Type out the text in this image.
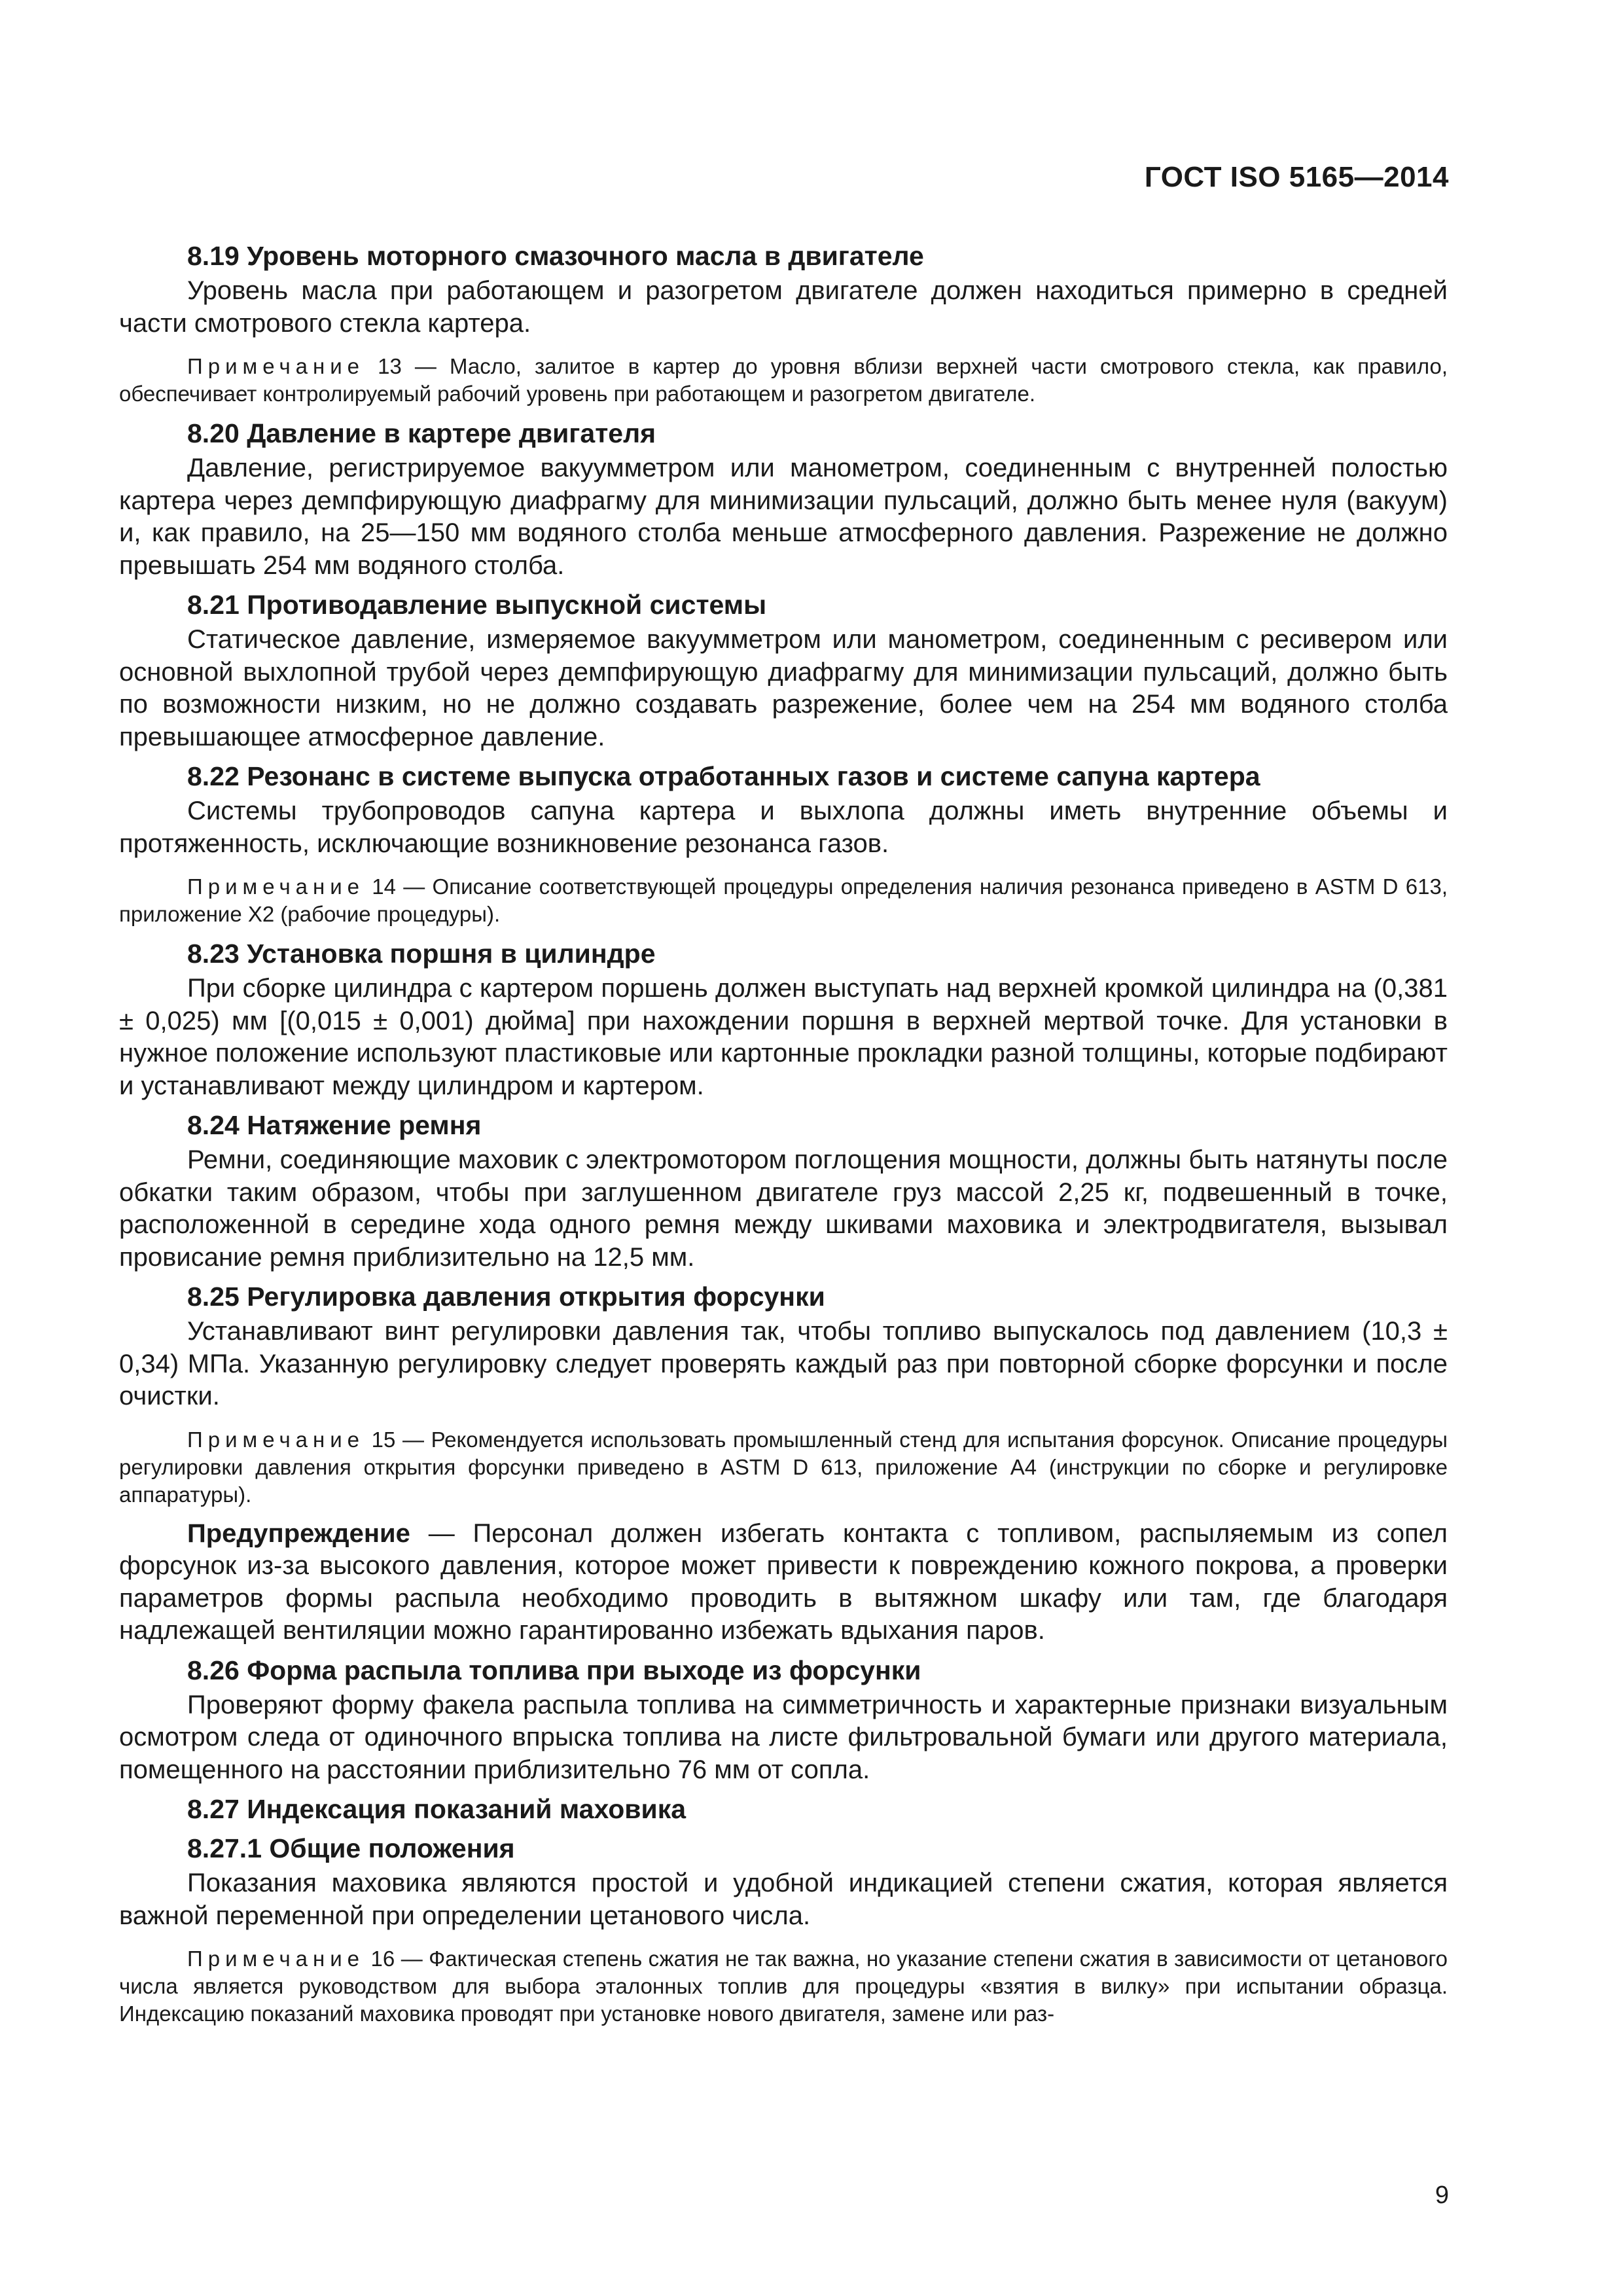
ГОСТ ISO 5165—2014

8.19 Уровень моторного смазочного масла в двигателе

Уровень масла при работающем и разогретом двигателе должен находиться примерно в средней части смотрового стекла картера.

Примечание 13 — Масло, залитое в картер до уровня вблизи верхней части смотрового стекла, как правило, обеспечивает контролируемый рабочий уровень при работающем и разогретом двигателе.

8.20 Давление в картере двигателя

Давление, регистрируемое вакуумметром или манометром, соединенным с внутренней полостью картера через демпфирующую диафрагму для минимизации пульсаций, должно быть менее нуля (вакуум) и, как правило, на 25—150 мм водяного столба меньше атмосферного давления. Разрежение не должно превышать 254 мм водяного столба.

8.21 Противодавление выпускной системы

Статическое давление, измеряемое вакуумметром или манометром, соединенным с ресивером или основной выхлопной трубой через демпфирующую диафрагму для минимизации пульсаций, должно быть по возможности низким, но не должно создавать разрежение, более чем на 254 мм водяного столба превышающее атмосферное давление.

8.22 Резонанс в системе выпуска отработанных газов и системе сапуна картера

Системы трубопроводов сапуна картера и выхлопа должны иметь внутренние объемы и протяженность, исключающие возникновение резонанса газов.

Примечание 14 — Описание соответствующей процедуры определения наличия резонанса приведено в ASTM D 613, приложение X2 (рабочие процедуры).

8.23 Установка поршня в цилиндре

При сборке цилиндра с картером поршень должен выступать над верхней кромкой цилиндра на (0,381 ± 0,025) мм [(0,015 ± 0,001) дюйма] при нахождении поршня в верхней мертвой точке. Для установки в нужное положение используют пластиковые или картонные прокладки разной толщины, которые подбирают и устанавливают между цилиндром и картером.

8.24 Натяжение ремня

Ремни, соединяющие маховик с электромотором поглощения мощности, должны быть натянуты после обкатки таким образом, чтобы при заглушенном двигателе груз массой 2,25 кг, подвешенный в точке, расположенной в середине хода одного ремня между шкивами маховика и электродвигателя, вызывал провисание ремня приблизительно на 12,5 мм.

8.25 Регулировка давления открытия форсунки

Устанавливают винт регулировки давления так, чтобы топливо выпускалось под давлением (10,3 ± 0,34) МПа. Указанную регулировку следует проверять каждый раз при повторной сборке форсунки и после очистки.

Примечание 15 — Рекомендуется использовать промышленный стенд для испытания форсунок. Описание процедуры регулировки давления открытия форсунки приведено в ASTM D 613, приложение А4 (инструкции по сборке и регулировке аппаратуры).

Предупреждение — Персонал должен избегать контакта с топливом, распыляемым из сопел форсунок из-за высокого давления, которое может привести к повреждению кожного покрова, а проверки параметров формы распыла необходимо проводить в вытяжном шкафу или там, где благодаря надлежащей вентиляции можно гарантированно избежать вдыхания паров.

8.26 Форма распыла топлива при выходе из форсунки

Проверяют форму факела распыла топлива на симметричность и характерные признаки визуальным осмотром следа от одиночного впрыска топлива на листе фильтровальной бумаги или другого материала, помещенного на расстоянии приблизительно 76 мм от сопла.

8.27 Индексация показаний маховика

8.27.1 Общие положения

Показания маховика являются простой и удобной индикацией степени сжатия, которая является важной переменной при определении цетанового числа.

Примечание 16 — Фактическая степень сжатия не так важна, но указание степени сжатия в зависимости от цетанового числа является руководством для выбора эталонных топлив для процедуры «взятия в вилку» при испытании образца. Индексацию показаний маховика проводят при установке нового двигателя, замене или раз-

9
